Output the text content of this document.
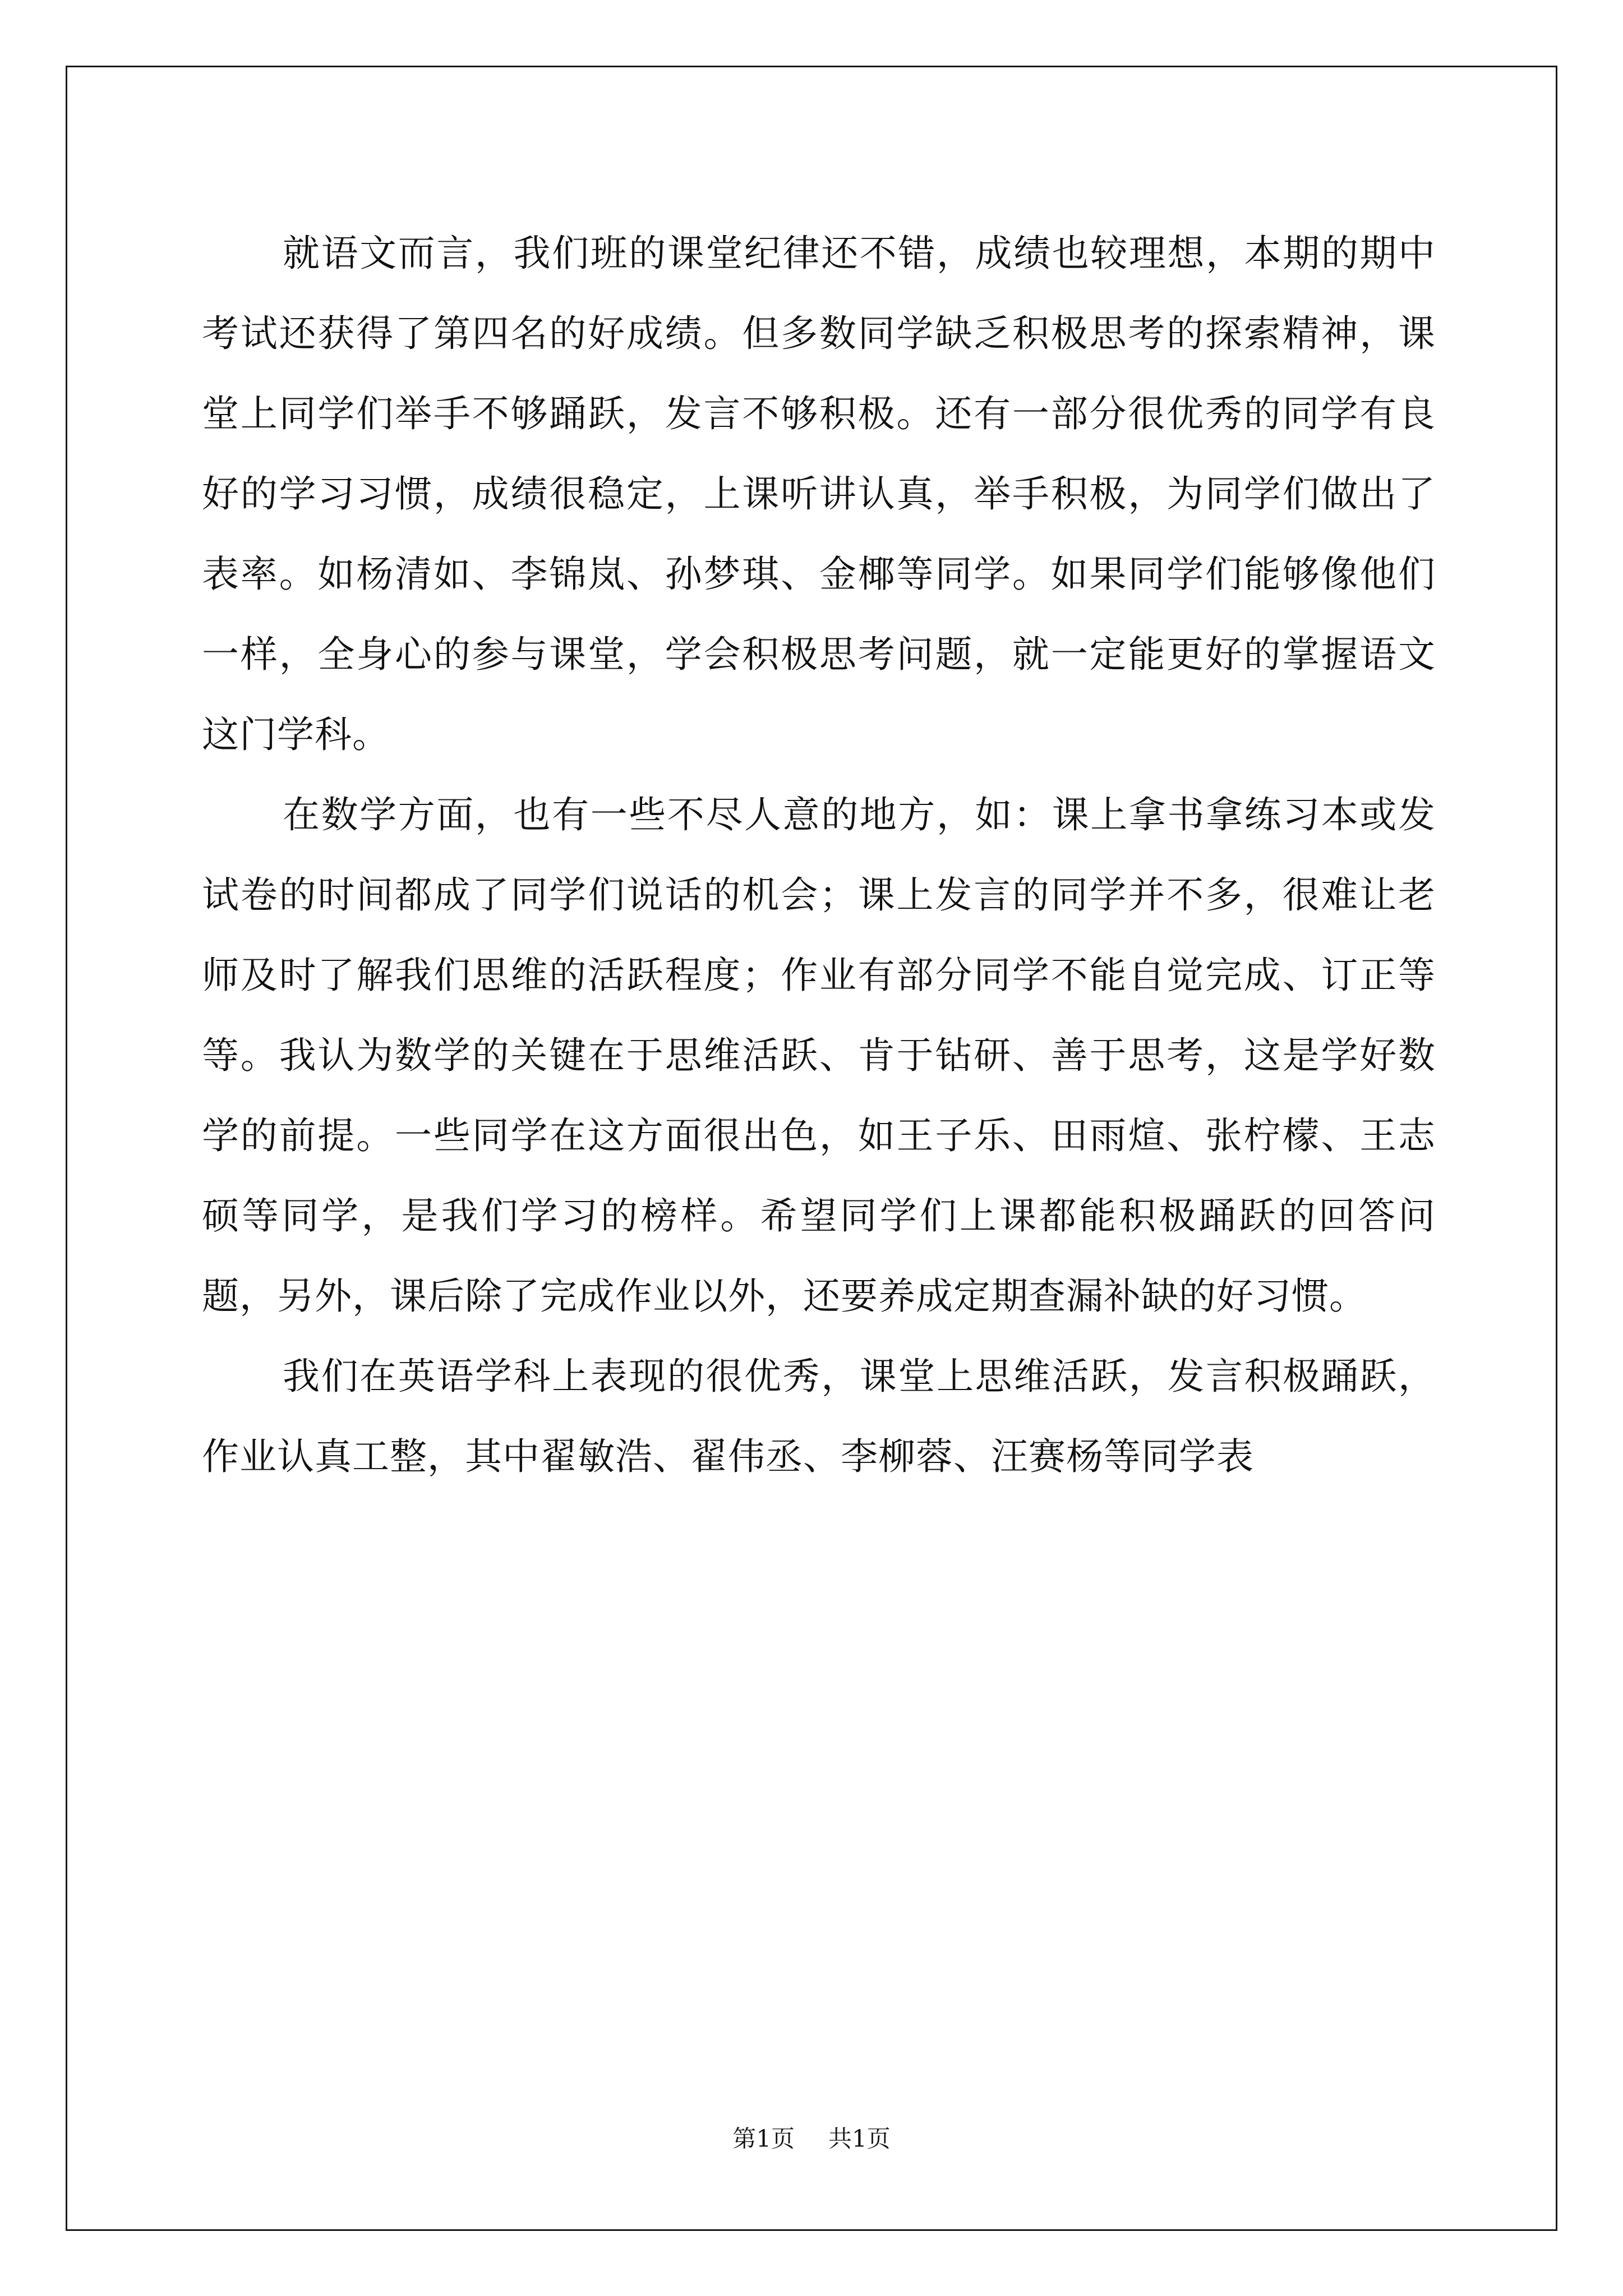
就语文而言，我们班的课堂纪律还不错，成绩也较理想，本期的期中考试还获得了第四名的好成绩。但多数同学缺乏积极思考的探索精神，课堂上同学们举手不够踊跃，发言不够积极。还有一部分很优秀的同学有良好的学习习惯，成绩很稳定，上课听讲认真，举手积极，为同学们做出了表率。如杨清如、李锦岚、孙梦琪、金椰等同学。如果同学们能够像他们一样，全身心的参与课堂，学会积极思考问题，就一定能更好的掌握语文这门学科。

在数学方面，也有一些不尽人意的地方，如：课上拿书拿练习本或发试卷的时间都成了同学们说话的机会；课上发言的同学并不多，很难让老师及时了解我们思维的活跃程度；作业有部分同学不能自觉完成、订正等等。我认为数学的关键在于思维活跃、肯于钻研、善于思考，这是学好数学的前提。一些同学在这方面很出色，如王子乐、田雨煊、张柠檬、王志硕等同学，是我们学习的榜样。希望同学们上课都能积极踊跃的回答问题，另外，课后除了完成作业以外，还要养成定期查漏补缺的好习惯。

我们在英语学科上表现的很优秀，课堂上思维活跃，发言积极踊跃，作业认真工整，其中翟敏浩、翟伟丞、李柳蓉、汪赛杨等同学表

第1页 共1页
